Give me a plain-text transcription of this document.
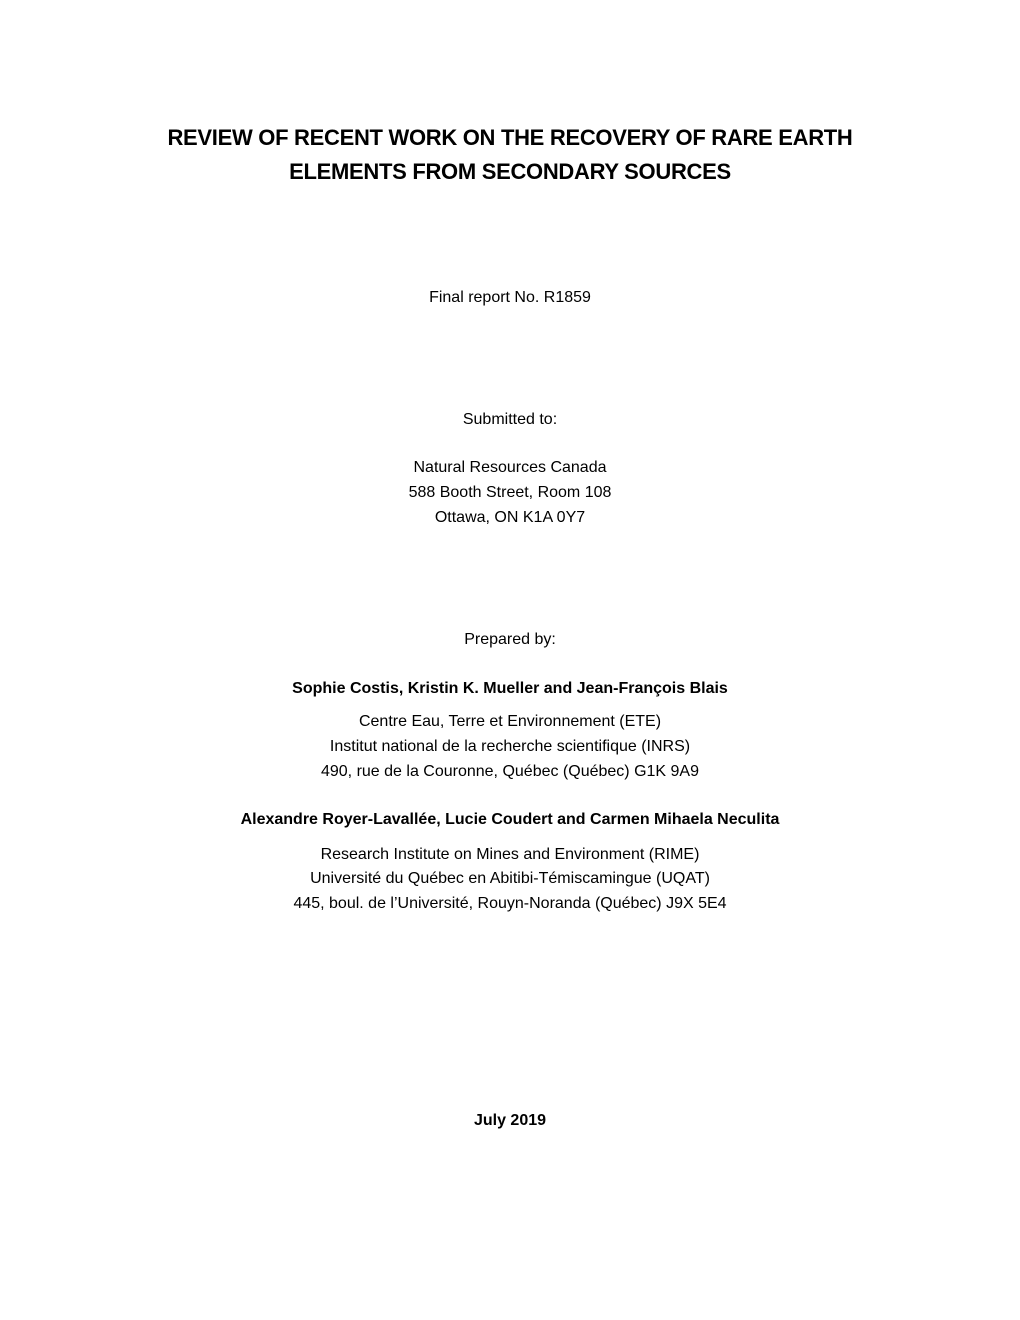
REVIEW OF RECENT WORK ON THE RECOVERY OF RARE EARTH
ELEMENTS FROM SECONDARY SOURCES
Final report No. R1859
Submitted to:
Natural Resources Canada
588 Booth Street, Room 108
Ottawa, ON K1A 0Y7
Prepared by:
Sophie Costis, Kristin K. Mueller and Jean-François Blais
Centre Eau, Terre et Environnement (ETE)
Institut national de la recherche scientifique (INRS)
490, rue de la Couronne, Québec (Québec) G1K 9A9
Alexandre Royer-Lavallée, Lucie Coudert and Carmen Mihaela Neculita
Research Institute on Mines and Environment (RIME)
Université du Québec en Abitibi-Témiscamingue (UQAT)
445, boul. de l’Université, Rouyn-Noranda (Québec) J9X 5E4
July 2019
